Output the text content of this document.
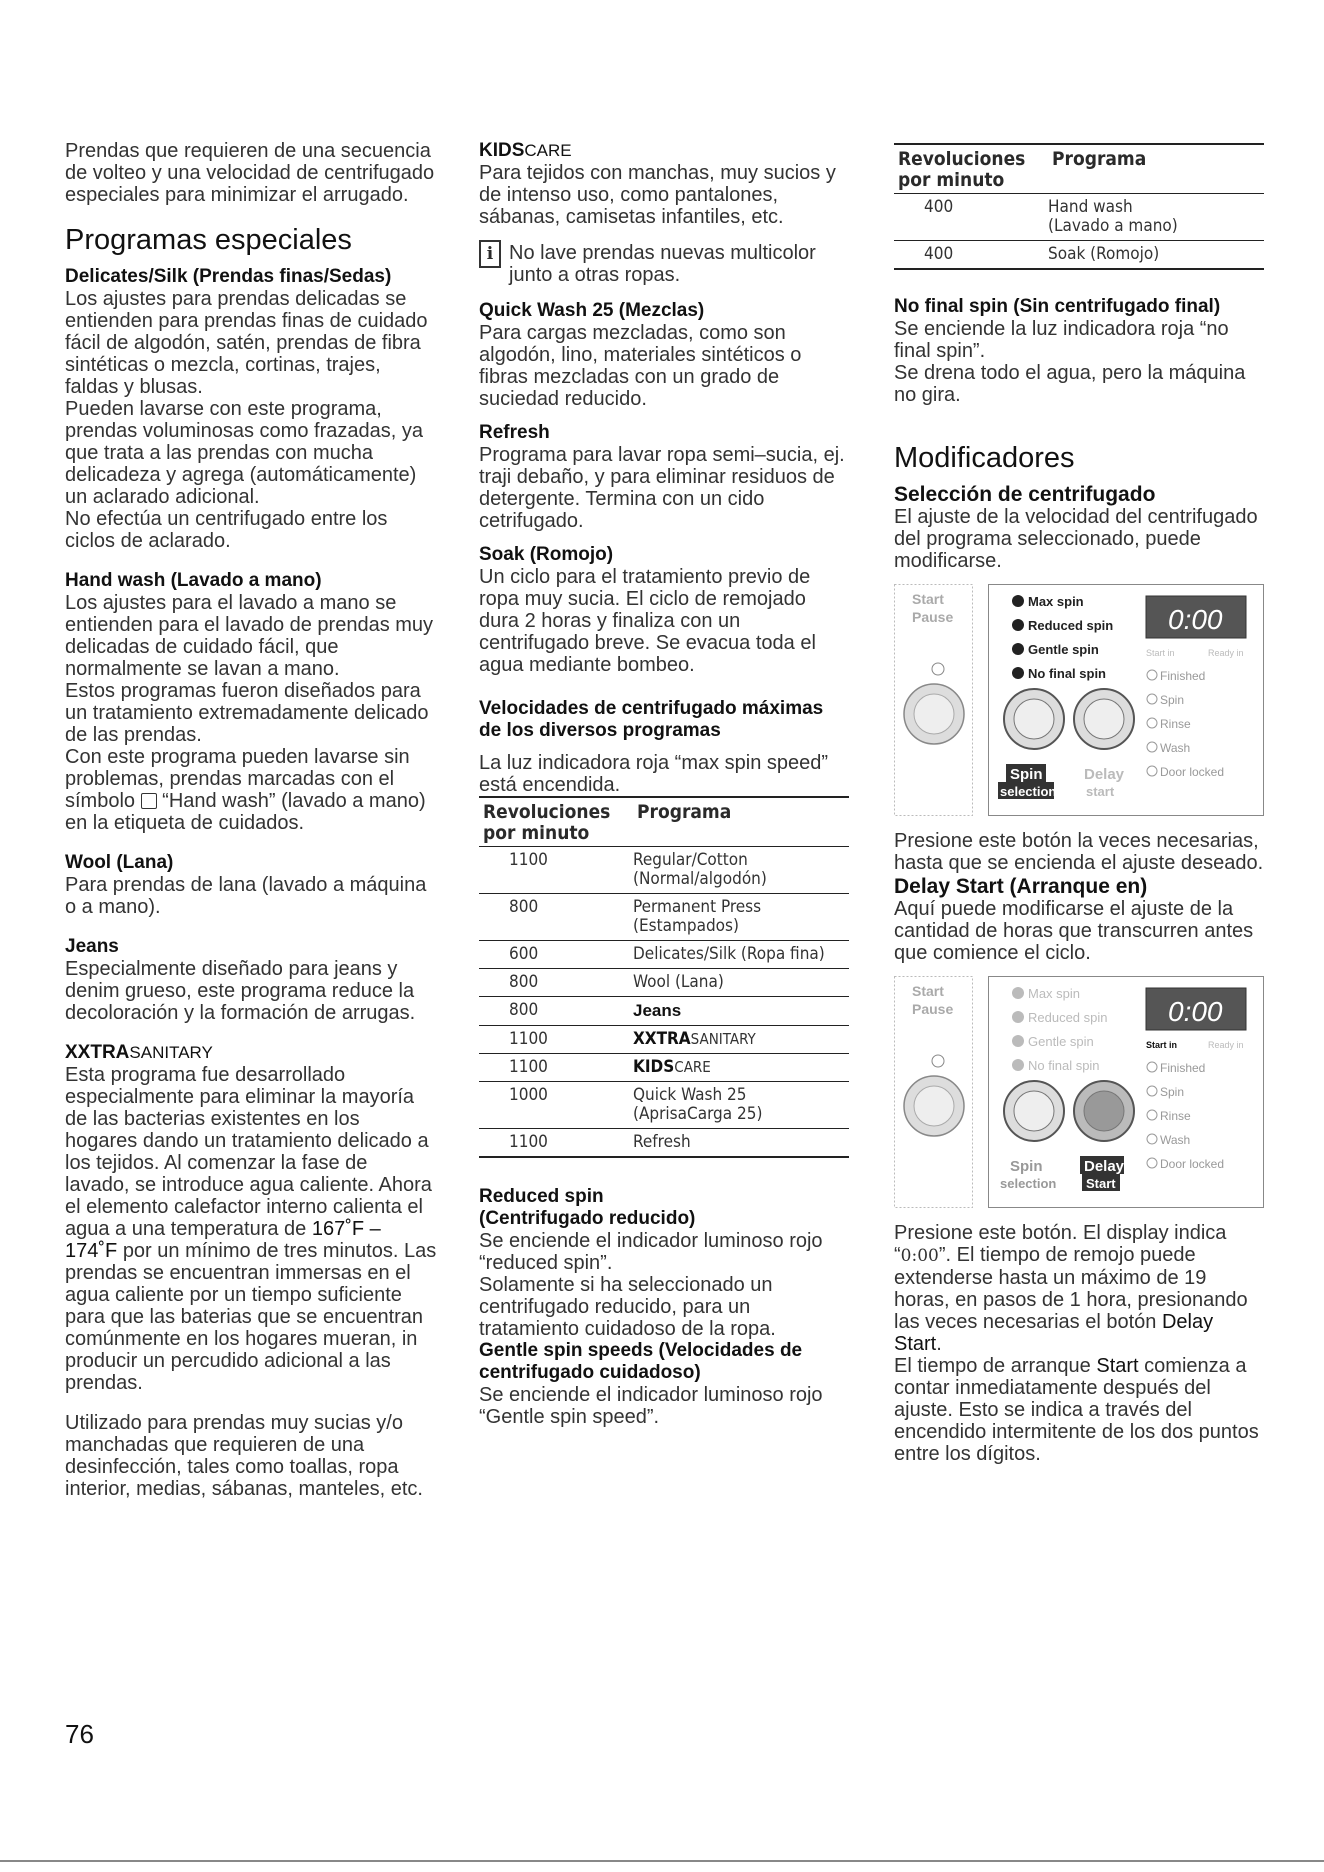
Prendas que requieren de una secuencia de volteo y una velocidad de centrifugado especiales para minimizar el arrugado.

Programas especiales
Delicates/Silk (Prendas finas/Sedas)

Los ajustes para prendas delicadas se entienden para prendas finas de cuidado fácil de algodón, satén, prendas de fibra sintéticas o mezcla, cortinas, trajes, faldas y blusas.

Pueden lavarse con este programa, prendas voluminosas como frazadas, ya que trata a las prendas con mucha delicadeza y agrega (automáticamente) un aclarado adicional.

No efectúa un centrifugado entre los ciclos de aclarado.

Hand wash (Lavado a mano)

Los ajustes para el lavado a mano se entienden para el lavado de prendas muy delicadas de cuidado fácil, que normalmente se lavan a mano.

Estos programas fueron diseñados para un tratamiento extremadamente delicado de las prendas.

Con este programa pueden lavarse sin problemas, prendas marcadas con el símbolo “Hand wash” (lavado a mano) en la etiqueta de cuidados.

Wool (Lana)

Para prendas de lana (lavado a máquina o a mano).

Jeans

Especialmente diseñado para jeans y denim grueso, este programa reduce la decoloración y la formación de arrugas.

XXTRASANITARY

Esta programa fue desarrollado especialmente para eliminar la mayoría de las bacterias existentes en los hogares dando un tratamiento delicado a los tejidos. Al comenzar la fase de lavado, se introduce agua caliente. Ahora el elemento calefactor interno calienta el agua a una temperatura de 167˚F – 174˚F por un mínimo de tres minutos. Las prendas se encuentran immersas en el agua caliente por un tiempo suficiente para que las baterias que se encuentran comúnmente en los hogares mueran, in producir un percudido adicional a las prendas.

Utilizado para prendas muy sucias y/o manchadas que requieren de una desinfección, tales como toallas, ropa interior, medias, sábanas, manteles, etc.

KIDSCARE

Para tejidos con manchas, muy sucios y de intenso uso, como pantalones, sábanas, camisetas infantiles, etc.

i No lave prendas nuevas multicolor junto a otras ropas.

Quick Wash 25 (Mezclas)

Para cargas mezcladas, como son algodón, lino, materiales sintéticos o fibras mezcladas con un grado de suciedad reducido.

Refresh

Programa para lavar ropa semi–sucia, ej. traji debaño, y para eliminar residuos de detergente. Termina con un cido cetrifugado.

Soak (Romojo)

Un ciclo para el tratamiento previo de ropa muy sucia. El ciclo de remojado dura 2 horas y finaliza con un centrifugado breve. Se evacua toda el agua mediante bombeo.

Velocidades de centrifugado máximas de los diversos programas

La luz indicadora roja “max spin speed” está encendida.

Revoluciones por minuto	Programa
1100	Regular/Cotton
(Normal/algodón)

800	Permanent Press
(Estampados)

600	Delicates/Silk (Ropa fina)
800	Wool (Lana)
800	Jeans
1100	XXTRASANITARY
1100	KIDSCARE
1000	Quick Wash 25
(AprisaCarga 25)

1100	Refresh
Reduced spin
(Centrifugado reducido)

Se enciende el indicador luminoso rojo “reduced spin”.

Solamente si ha seleccionado un centrifugado reducido, para un tratamiento cuidadoso de la ropa.

Gentle spin speeds (Velocidades de centrifugado cuidadoso)

Se enciende el indicador luminoso rojo “Gentle spin speed”.

Revoluciones por minuto	Programa
400	Hand wash
(Lavado a mano)

400	Soak (Romojo)
No final spin (Sin centrifugado final)

Se enciende la luz indicadora roja “no final spin”.

Se drena todo el agua, pero la máquina no gira.

Modificadores
Selección de centrifugado

El ajuste de la velocidad del centrifugado del programa seleccionado, puede modificarse.

Start
Pause
Max spin
Reduced spin
Gentle spin
No final spin
0:00
Start in	Ready in
Finished
Spin
Rinse
Wash
Door locked
Spin
selection
Delay
start

Presione este botón la veces necesarias, hasta que se encienda el ajuste deseado.

Delay Start (Arranque en)

Aquí puede modificarse el ajuste de la cantidad de horas que transcurren antes que comience el ciclo.

Start
Pause
Max spin
Reduced spin
Gentle spin
No final spin
0:00
Start in	Ready in
Finished
Spin
Rinse
Wash
Door locked
Spin
selection
Delay
Start

Presione este botón. El display indica “0:00”. El tiempo de remojo puede extenderse hasta un máximo de 19 horas, en pasos de 1 hora, presionando las veces necesarias el botón Delay Start.

El tiempo de arranque Start comienza a contar inmediatamente después del ajuste. Esto se indica a través del encendido intermitente de los dos puntos entre los dígitos.

76
